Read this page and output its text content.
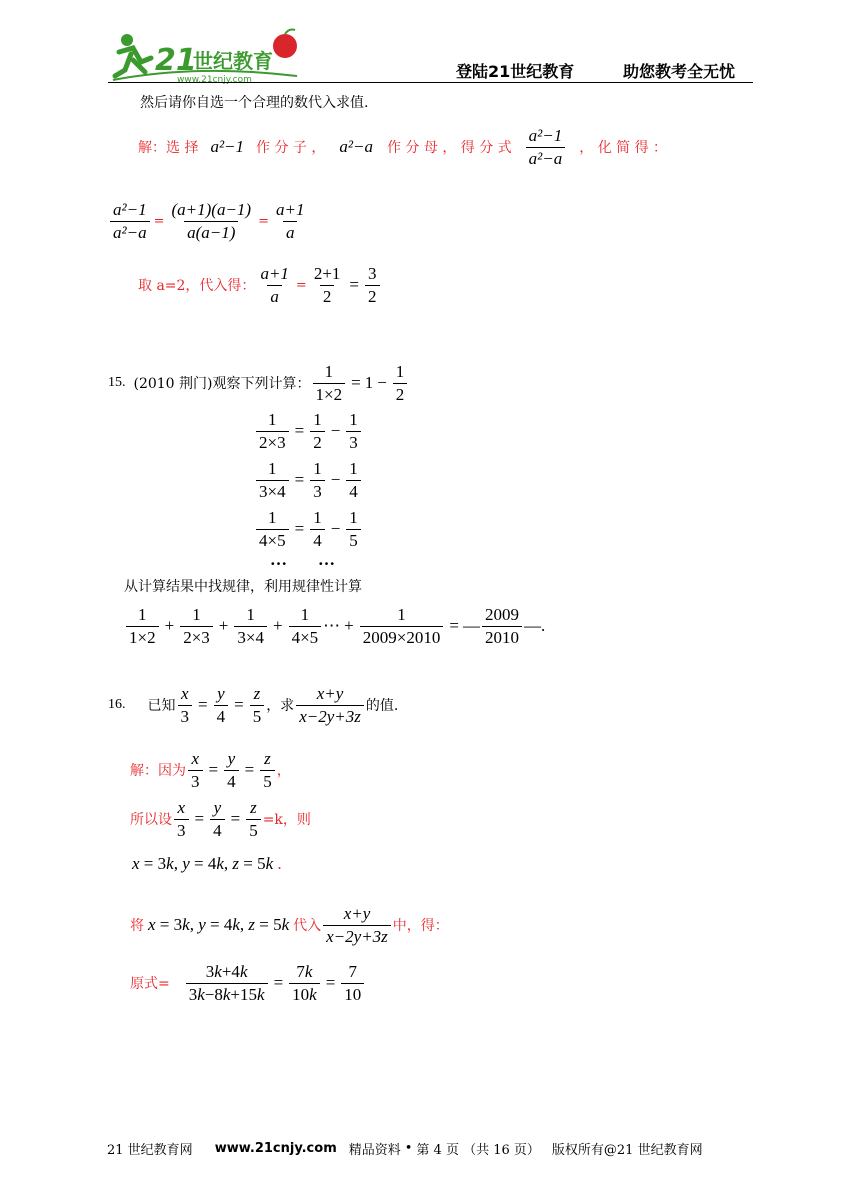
21
世纪教育
www.21cnjy.com	登陆21世纪教育	助您教考全无忧
然后请你自选一个合理的数代入求值.
解：选 择 a²−1 作 分 子 ， a²−a 作 分 母 ， 得 分 式 $\frac{\text{a²−1}}{\text{a²−a}}$ ， 化 简 得 ：
$\frac{\text{a²−1}}{\text{a²−a}} = \frac{(a+1)(a-1)}{a(a-1)} = \frac{a+1}{a}$
取 a=2，代入得： $\frac{a+1}{a} = \frac{2+1}{2} = \frac{3}{2}$
15. (2010 荆门)观察下列计算： $\frac{1}{1\times 2} = 1 - \frac{1}{2}$
$\frac{1}{2\times 3} = \frac{1}{2} - \frac{1}{3}$
$\frac{1}{3\times 4} = \frac{1}{3} - \frac{1}{4}$
$\frac{1}{4\times 5} = \frac{1}{4} - \frac{1}{5}$
… …
从计算结果中找规律，利用规律性计算
$\frac{1}{1\times 2} + \frac{1}{2\times 3} + \frac{1}{3\times 4} + \frac{1}{4\times 5}$ ⋯ + $\frac{1}{2009\times 2010}$ = — $\frac{2009}{2010}$ —.
16. 已知 $\frac{x}{3} = \frac{y}{4} = \frac{z}{5}$ ，求 $\frac{x+y}{x-2y+3z}$ 的值.
解：因为 $\frac{x}{3} = \frac{y}{4} = \frac{z}{5}$ ，
所以设 $\frac{x}{3} = \frac{y}{4} = \frac{z}{5} =k$，则
x = 3k, y = 4k, z = 5k .
将 x = 3k, y = 4k, z = 5k 代入 $\frac{x+y}{x-2y+3z}$ 中，得：
原式= $\frac{3k+4k}{3k-8k+15k} = \frac{7k}{10k} = \frac{7}{10}$
21 世纪教育网 www.21cnjy.com 精品资料 • 第 4 页 （共 16 页） 版权所有@21 世纪教育网
